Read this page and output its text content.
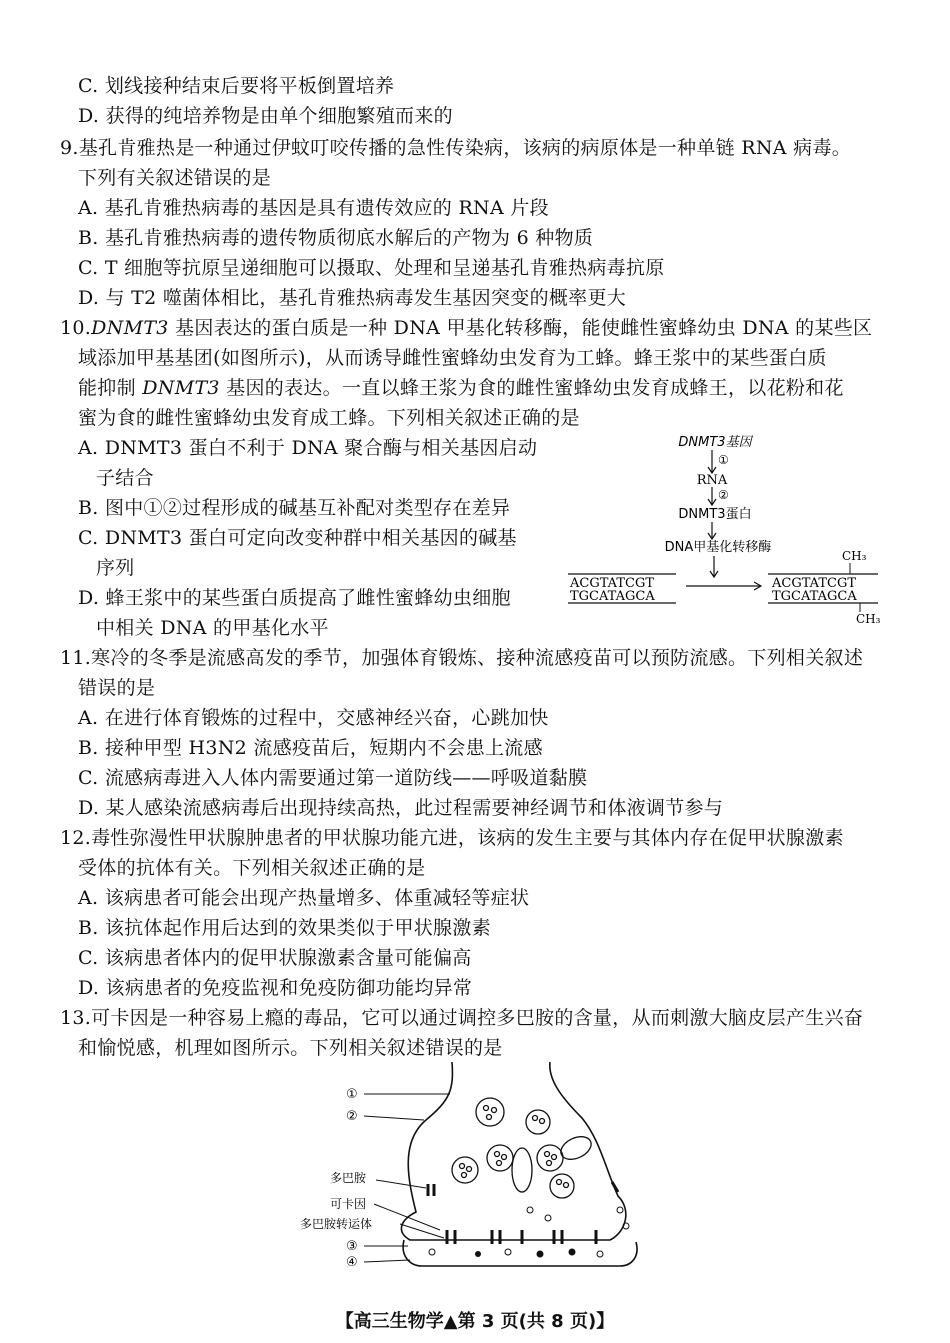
C. 划线接种结束后要将平板倒置培养
D. 获得的纯培养物是由单个细胞繁殖而来的
9.基孔肯雅热是一种通过伊蚊叮咬传播的急性传染病，该病的病原体是一种单链 RNA 病毒。
下列有关叙述错误的是
A. 基孔肯雅热病毒的基因是具有遗传效应的 RNA 片段
B. 基孔肯雅热病毒的遗传物质彻底水解后的产物为 6 种物质
C. T 细胞等抗原呈递细胞可以摄取、处理和呈递基孔肯雅热病毒抗原
D. 与 T2 噬菌体相比，基孔肯雅热病毒发生基因突变的概率更大
10.DNMT3 基因表达的蛋白质是一种 DNA 甲基化转移酶，能使雌性蜜蜂幼虫 DNA 的某些区
域添加甲基基团(如图所示)，从而诱导雌性蜜蜂幼虫发育为工蜂。蜂王浆中的某些蛋白质
能抑制 DNMT3 基因的表达。一直以蜂王浆为食的雌性蜜蜂幼虫发育成蜂王，以花粉和花
蜜为食的雌性蜜蜂幼虫发育成工蜂。下列相关叙述正确的是
A. DNMT3 蛋白不利于 DNA 聚合酶与相关基因启动
子结合
B. 图中①②过程形成的碱基互补配对类型存在差异
C. DNMT3 蛋白可定向改变种群中相关基因的碱基
序列
D. 蜂王浆中的某些蛋白质提高了雌性蜜蜂幼虫细胞
中相关 DNA 的甲基化水平
DNMT3基因
①
RNA
②
DNMT3蛋白
DNA甲基化转移酶
ACGTATCGT
TGCATAGCA
CH₃
ACGTATCGT
TGCATAGCA
CH₃
11.寒冷的冬季是流感高发的季节，加强体育锻炼、接种流感疫苗可以预防流感。下列相关叙述
错误的是
A. 在进行体育锻炼的过程中，交感神经兴奋，心跳加快
B. 接种甲型 H3N2 流感疫苗后，短期内不会患上流感
C. 流感病毒进入人体内需要通过第一道防线——呼吸道黏膜
D. 某人感染流感病毒后出现持续高热，此过程需要神经调节和体液调节参与
12.毒性弥漫性甲状腺肿患者的甲状腺功能亢进，该病的发生主要与其体内存在促甲状腺激素
受体的抗体有关。下列相关叙述正确的是
A. 该病患者可能会出现产热量增多、体重减轻等症状
B. 该抗体起作用后达到的效果类似于甲状腺激素
C. 该病患者体内的促甲状腺激素含量可能偏高
D. 该病患者的免疫监视和免疫防御功能均异常
13.可卡因是一种容易上瘾的毒品，它可以通过调控多巴胺的含量，从而刺激大脑皮层产生兴奋
和愉悦感，机理如图所示。下列相关叙述错误的是
①
②
多巴胺
可卡因
多巴胺转运体
③
④
【高三生物学▲第 3 页(共 8 页)】
